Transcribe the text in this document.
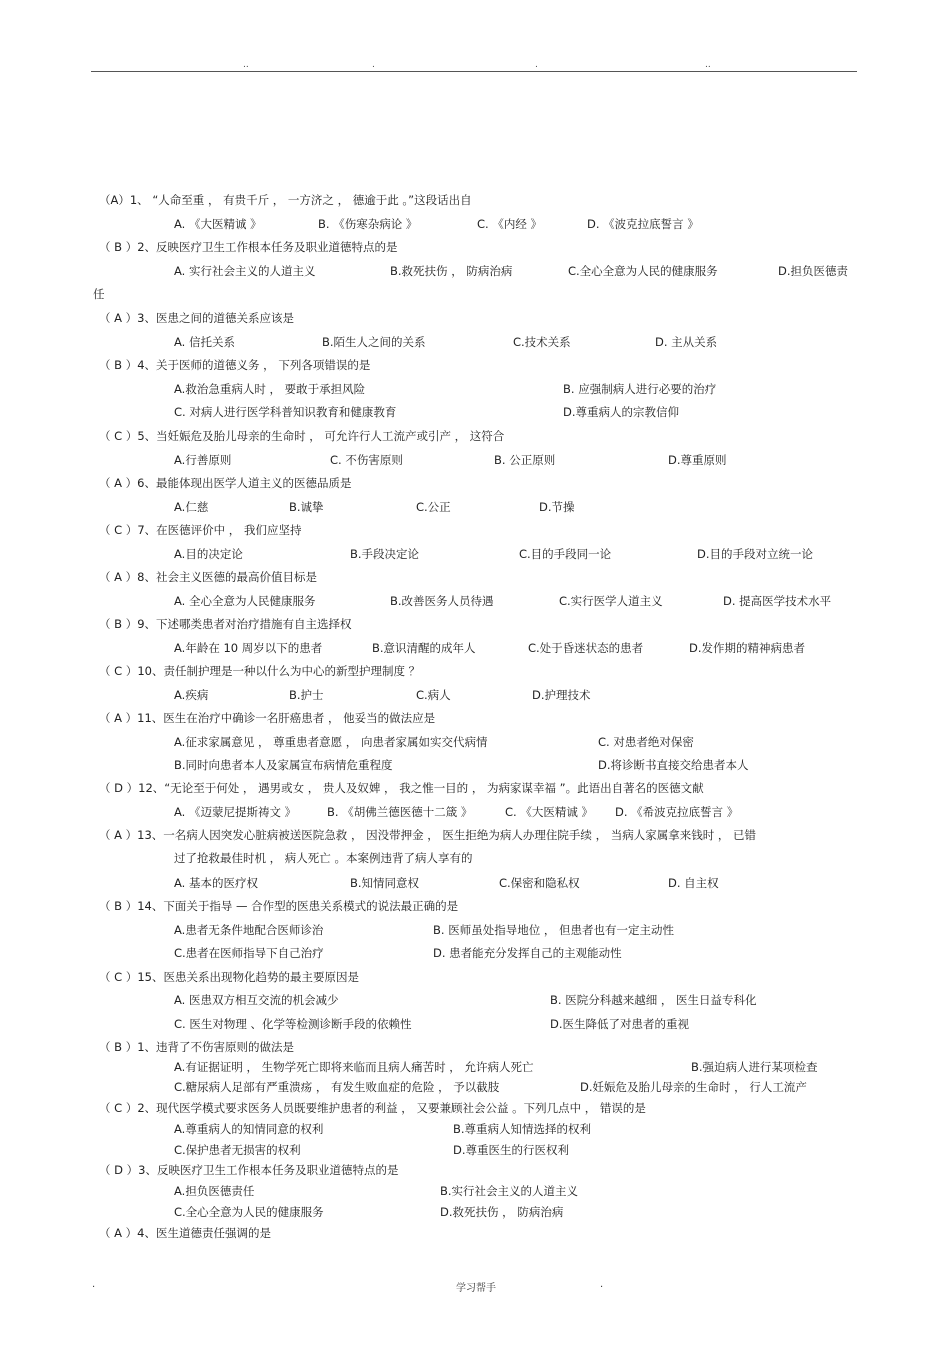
..	.	.	..
（A）1、 “人命至重 ， 有贵千斤 ， 一方济之 ， 德逾于此 。”这段话出自
A. 《大医精诚 》	B. 《伤寒杂病论 》	C. 《内经 》	D. 《波克拉底誓言 》
（ B ）2、反映医疗卫生工作根本任务及职业道德特点的是
A. 实行社会主义的人道主义	B.救死扶伤 ， 防病治病	C.全心全意为人民的健康服务	D.担负医德责
任
（ A ）3、医患之间的道德关系应该是
A. 信托关系	B.陌生人之间的关系	C.技术关系	D. 主从关系
（ B ）4、关于医师的道德义务 ， 下列各项错误的是
A.救治急重病人时 ， 要敢于承担风险	B. 应强制病人进行必要的治疗
C. 对病人进行医学科普知识教育和健康教育	D.尊重病人的宗教信仰
（ C ）5、当妊娠危及胎儿母亲的生命时 ， 可允许行人工流产或引产 ， 这符合
A.行善原则	C. 不伤害原则	B. 公正原则	D.尊重原则
（ A ）6、最能体现出医学人道主义的医德品质是
A.仁慈	B.诚挚	C.公正	D.节操
（ C ）7、在医德评价中 ， 我们应坚持
A.目的决定论	B.手段决定论	C.目的手段同一论	D.目的手段对立统一论
（ A ）8、社会主义医德的最高价值目标是
A. 全心全意为人民健康服务	B.改善医务人员待遇	C.实行医学人道主义	D. 提高医学技术水平
（ B ）9、下述哪类患者对治疗措施有自主选择权
A.年龄在 10 周岁以下的患者	B.意识清醒的成年人	C.处于昏迷状态的患者	D.发作期的精神病患者
（ C ）10、责任制护理是一种以什么为中心的新型护理制度 ？
A.疾病	B.护士	C.病人	D.护理技术
（ A ）11、医生在治疗中确诊一名肝癌患者 ， 他妥当的做法应是
A.征求家属意见 ， 尊重患者意愿 ， 向患者家属如实交代病情	C. 对患者绝对保密
B.同时向患者本人及家属宣布病情危重程度	D.将诊断书直接交给患者本人
（ D ）12、“无论至于何处 ， 遇男或女 ， 贵人及奴婢 ， 我之惟一目的 ， 为病家谋幸福 ”。此语出自著名的医德文献
A. 《迈蒙尼提斯祷文 》	B. 《胡佛兰德医德十二箴 》	C. 《大医精诚 》 D. 《希波克拉底誓言 》
（ A ）13、一名病人因突发心脏病被送医院急救 ， 因没带押金 ， 医生拒绝为病人办理住院手续 ， 当病人家属拿来钱时 ， 已错
过了抢救最佳时机 ， 病人死亡 。本案例违背了病人享有的
A. 基本的医疗权	B.知情同意权	C.保密和隐私权	D. 自主权
（ B ）14、下面关于指导 — 合作型的医患关系模式的说法最正确的是
A.患者无条件地配合医师诊治	B. 医师虽处指导地位 ， 但患者也有一定主动性
C.患者在医师指导下自己治疗	D. 患者能充分发挥自己的主观能动性
（ C ）15、医患关系出现物化趋势的最主要原因是
A. 医患双方相互交流的机会减少	B. 医院分科越来越细 ， 医生日益专科化
C. 医生对物理 、化学等检测诊断手段的依赖性	D.医生降低了对患者的重视
（ B ）1、违背了不伤害原则的做法是
A.有证据证明 ， 生物学死亡即将来临而且病人痛苦时 ， 允许病人死亡	B.强迫病人进行某项检查
C.糖尿病人足部有严重溃疡 ， 有发生败血症的危险 ， 予以截肢	D.妊娠危及胎儿母亲的生命时 ， 行人工流产
（ C ）2、现代医学模式要求医务人员既要维护患者的利益 ， 又要兼顾社会公益 。下列几点中 ， 错误的是
A.尊重病人的知情同意的权利	B.尊重病人知情选择的权利
C.保护患者无损害的权利	D.尊重医生的行医权利
（ D ）3、反映医疗卫生工作根本任务及职业道德特点的是
A.担负医德责任	B.实行社会主义的人道主义
C.全心全意为人民的健康服务	D.救死扶伤 ， 防病治病
（ A ）4、医生道德责任强调的是
.	学习帮手	.
